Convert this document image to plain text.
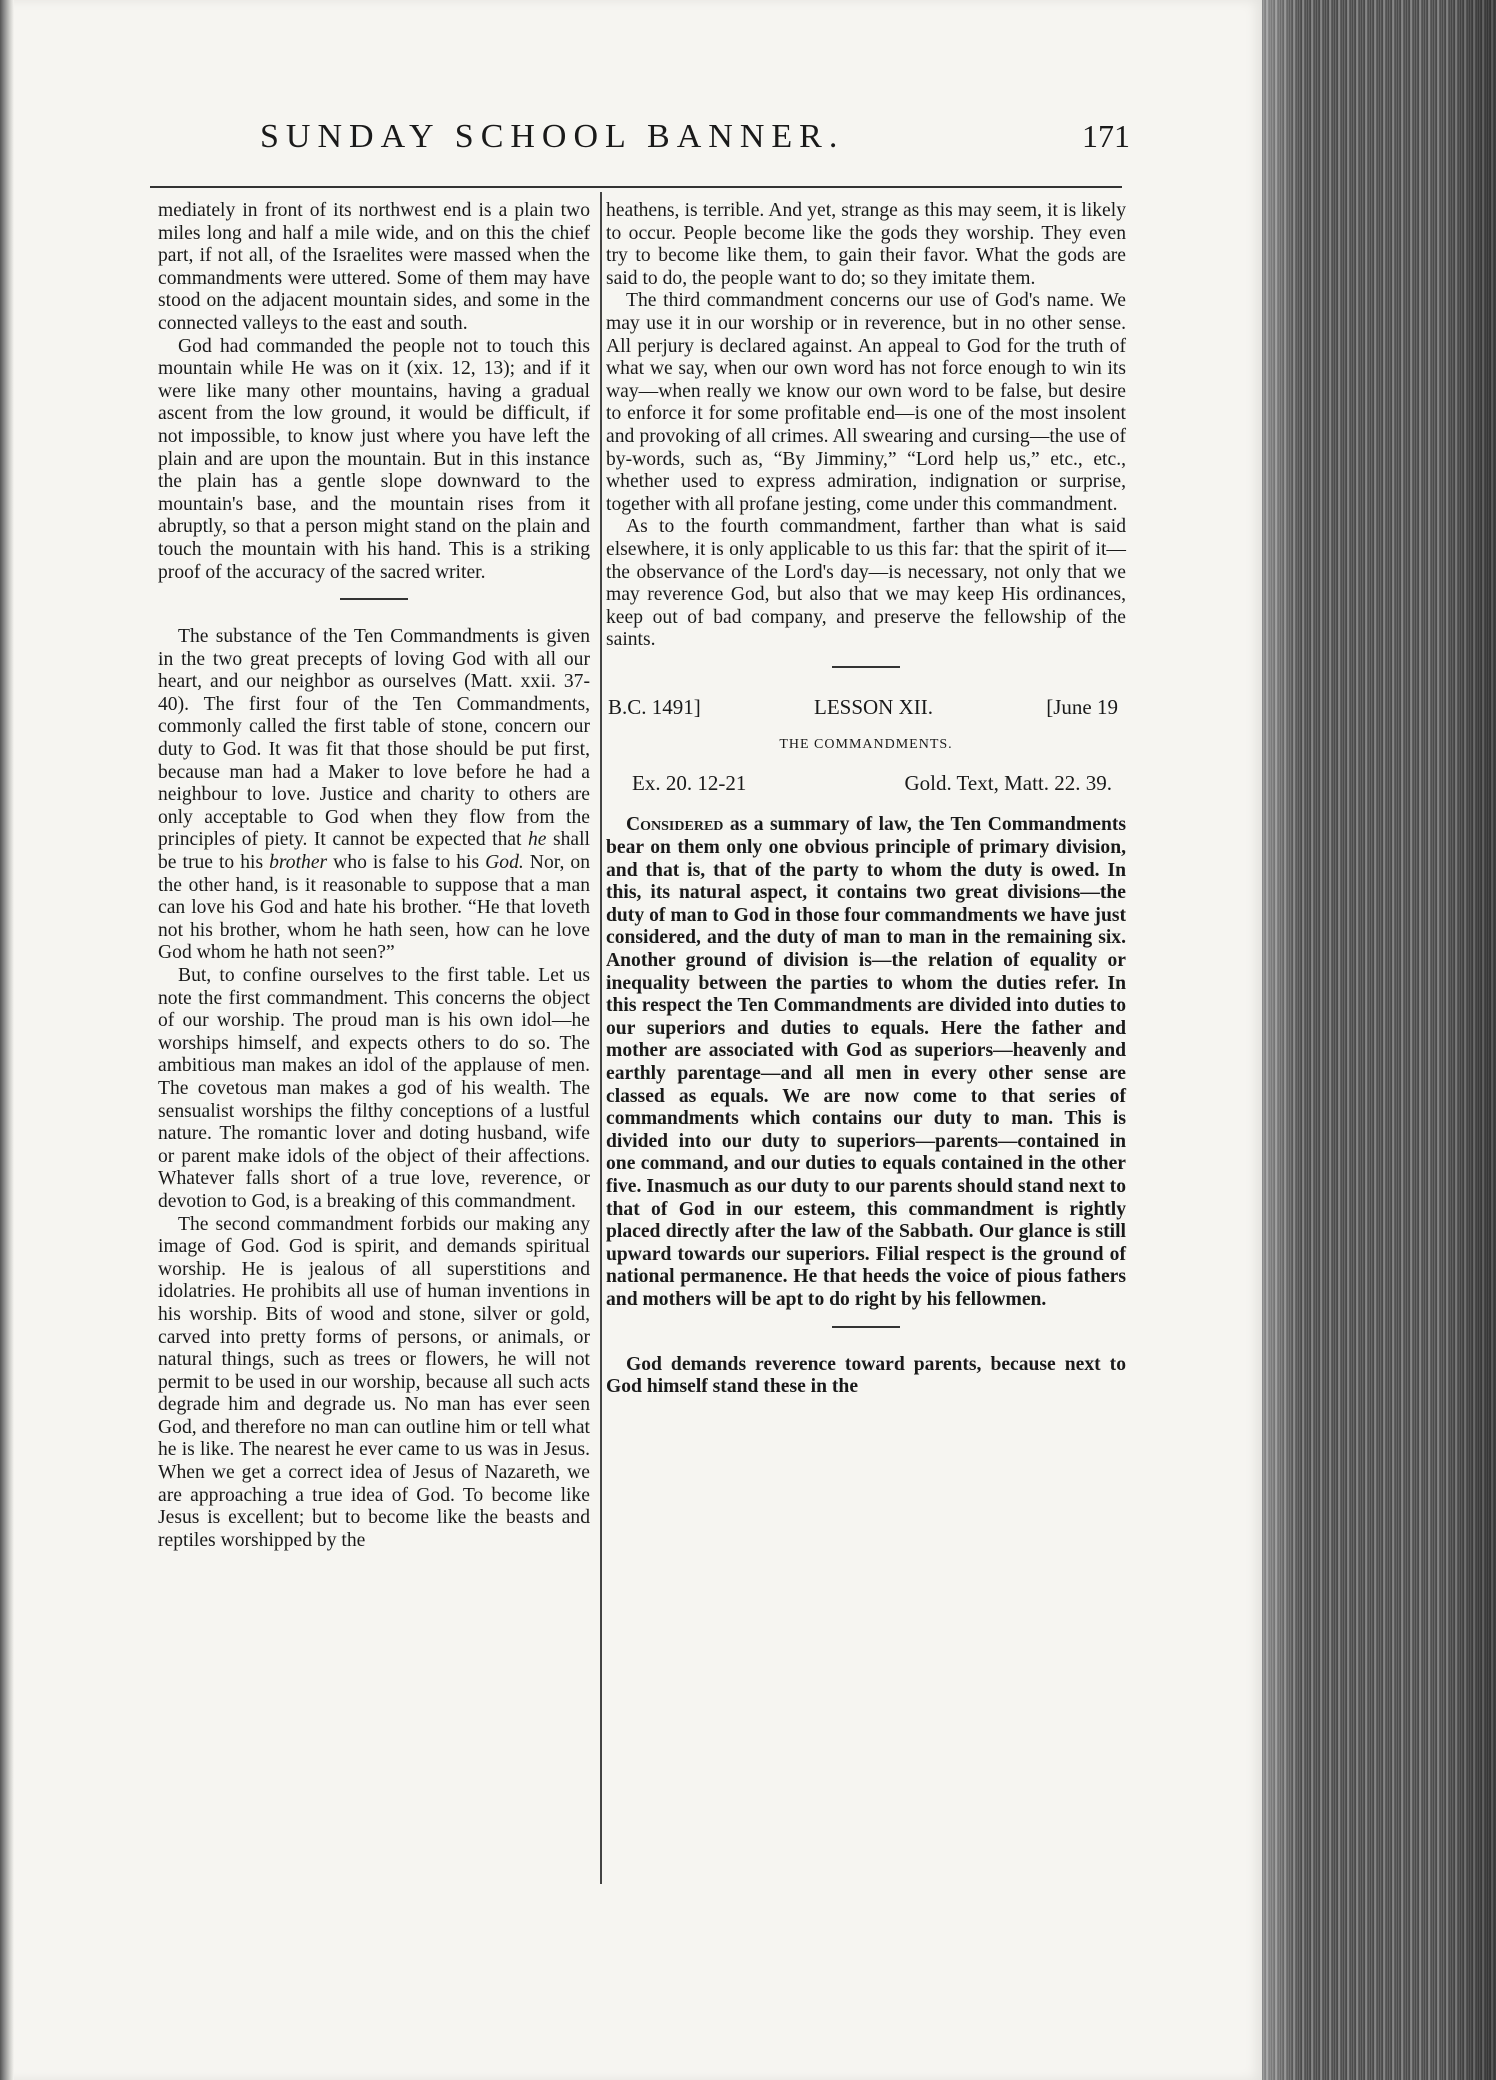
SUNDAY SCHOOL BANNER.	171

mediately in front of its northwest end is a plain two miles long and half a mile wide, and on this the chief part, if not all, of the Israelites were massed when the commandments were uttered. Some of them may have stood on the adjacent mountain sides, and some in the connected valleys to the east and south.

God had commanded the people not to touch this mountain while He was on it (xix. 12, 13); and if it were like many other mountains, having a gradual ascent from the low ground, it would be difficult, if not impossible, to know just where you have left the plain and are upon the mountain. But in this instance the plain has a gentle slope downward to the mountain's base, and the mountain rises from it abruptly, so that a person might stand on the plain and touch the mountain with his hand. This is a striking proof of the accuracy of the sacred writer.

The substance of the Ten Commandments is given in the two great precepts of loving God with all our heart, and our neighbor as ourselves (Matt. xxii. 37-40). The first four of the Ten Commandments, commonly called the first table of stone, concern our duty to God. It was fit that those should be put first, because man had a Maker to love before he had a neighbour to love. Justice and charity to others are only acceptable to God when they flow from the principles of piety. It cannot be expected that he shall be true to his brother who is false to his God. Nor, on the other hand, is it reasonable to suppose that a man can love his God and hate his brother. “He that loveth not his brother, whom he hath seen, how can he love God whom he hath not seen?”

But, to confine ourselves to the first table. Let us note the first commandment. This concerns the object of our worship. The proud man is his own idol—he worships himself, and expects others to do so. The ambitious man makes an idol of the applause of men. The covetous man makes a god of his wealth. The sensualist worships the filthy conceptions of a lustful nature. The romantic lover and doting husband, wife or parent make idols of the object of their affections. Whatever falls short of a true love, reverence, or devotion to God, is a breaking of this commandment.

The second commandment forbids our making any image of God. God is spirit, and demands spiritual worship. He is jealous of all superstitions and idolatries. He prohibits all use of human inventions in his worship. Bits of wood and stone, silver or gold, carved into pretty forms of persons, or animals, or natural things, such as trees or flowers, he will not permit to be used in our worship, because all such acts degrade him and degrade us. No man has ever seen God, and therefore no man can outline him or tell what he is like. The nearest he ever came to us was in Jesus. When we get a correct idea of Jesus of Nazareth, we are approaching a true idea of God. To become like Jesus is excellent; but to become like the beasts and reptiles worshipped by the

heathens, is terrible. And yet, strange as this may seem, it is likely to occur. People become like the gods they worship. They even try to become like them, to gain their favor. What the gods are said to do, the people want to do; so they imitate them.

The third commandment concerns our use of God's name. We may use it in our worship or in reverence, but in no other sense. All perjury is declared against. An appeal to God for the truth of what we say, when our own word has not force enough to win its way—when really we know our own word to be false, but desire to enforce it for some profitable end—is one of the most insolent and provoking of all crimes. All swearing and cursing—the use of by-words, such as, “By Jimminy,” “Lord help us,” etc., etc., whether used to express admiration, indignation or surprise, together with all profane jesting, come under this commandment.

As to the fourth commandment, farther than what is said elsewhere, it is only applicable to us this far: that the spirit of it—the observance of the Lord's day—is necessary, not only that we may reverence God, but also that we may keep His ordinances, keep out of bad company, and preserve the fellowship of the saints.

B.C. 1491]	LESSON XII.	[June 19
THE COMMANDMENTS.
Ex. 20. 12-21	Gold. Text, Matt. 22. 39.

Considered as a summary of law, the Ten Commandments bear on them only one obvious principle of primary division, and that is, that of the party to whom the duty is owed. In this, its natural aspect, it contains two great divisions—the duty of man to God in those four commandments we have just considered, and the duty of man to man in the remaining six. Another ground of division is—the relation of equality or inequality between the parties to whom the duties refer. In this respect the Ten Commandments are divided into duties to our superiors and duties to equals. Here the father and mother are associated with God as superiors—heavenly and earthly parentage—and all men in every other sense are classed as equals. We are now come to that series of commandments which contains our duty to man. This is divided into our duty to superiors—parents—contained in one command, and our duties to equals contained in the other five. Inasmuch as our duty to our parents should stand next to that of God in our esteem, this commandment is rightly placed directly after the law of the Sabbath. Our glance is still upward towards our superiors. Filial respect is the ground of national permanence. He that heeds the voice of pious fathers and mothers will be apt to do right by his fellowmen.

God demands reverence toward parents, because next to God himself stand these in the
